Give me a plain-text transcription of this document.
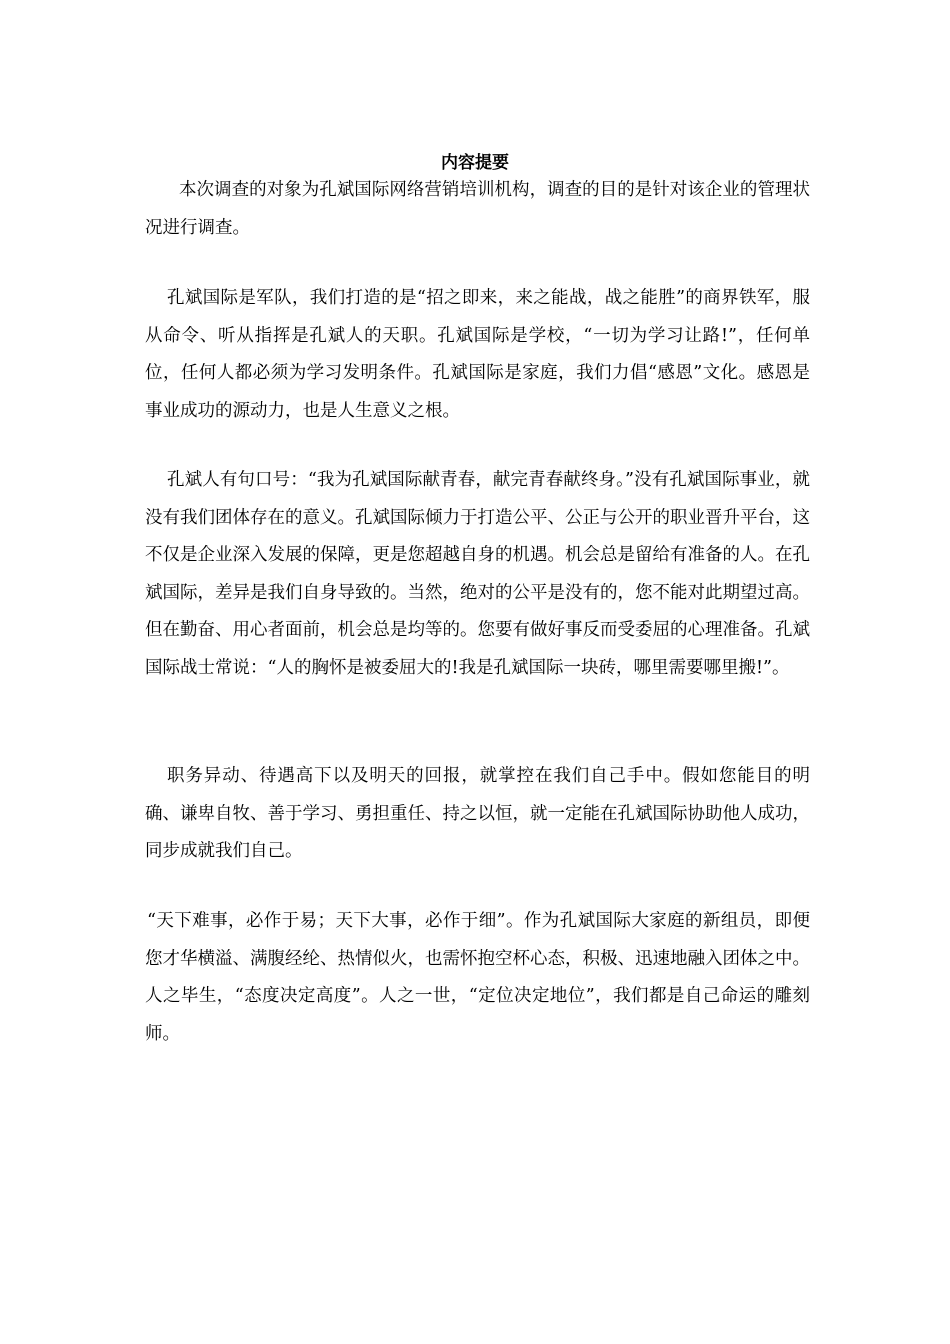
内容提要

本次调查的对象为孔斌国际网络营销培训机构，调查的目的是针对该企业的管理状况进行调查。

孔斌国际是军队，我们打造的是“招之即来，来之能战，战之能胜”的商界铁军，服从命令、听从指挥是孔斌人的天职。孔斌国际是学校，“一切为学习让路!”，任何单位，任何人都必须为学习发明条件。孔斌国际是家庭，我们力倡“感恩”文化。感恩是事业成功的源动力，也是人生意义之根。

孔斌人有句口号：“我为孔斌国际献青春，献完青春献终身。”没有孔斌国际事业，就没有我们团体存在的意义。孔斌国际倾力于打造公平、公正与公开的职业晋升平台，这不仅是企业深入发展的保障，更是您超越自身的机遇。机会总是留给有准备的人。在孔斌国际，差异是我们自身导致的。当然，绝对的公平是没有的，您不能对此期望过高。但在勤奋、用心者面前，机会总是均等的。您要有做好事反而受委屈的心理准备。孔斌国际战士常说：“人的胸怀是被委屈大的!我是孔斌国际一块砖，哪里需要哪里搬!”。

职务异动、待遇高下以及明天的回报，就掌控在我们自己手中。假如您能目的明确、谦卑自牧、善于学习、勇担重任、持之以恒，就一定能在孔斌国际协助他人成功，同步成就我们自己。

“天下难事，必作于易；天下大事，必作于细”。作为孔斌国际大家庭的新组员，即便您才华横溢、满腹经纶、热情似火，也需怀抱空杯心态，积极、迅速地融入团体之中。人之毕生，“态度决定高度”。人之一世，“定位决定地位”，我们都是自己命运的雕刻师。
